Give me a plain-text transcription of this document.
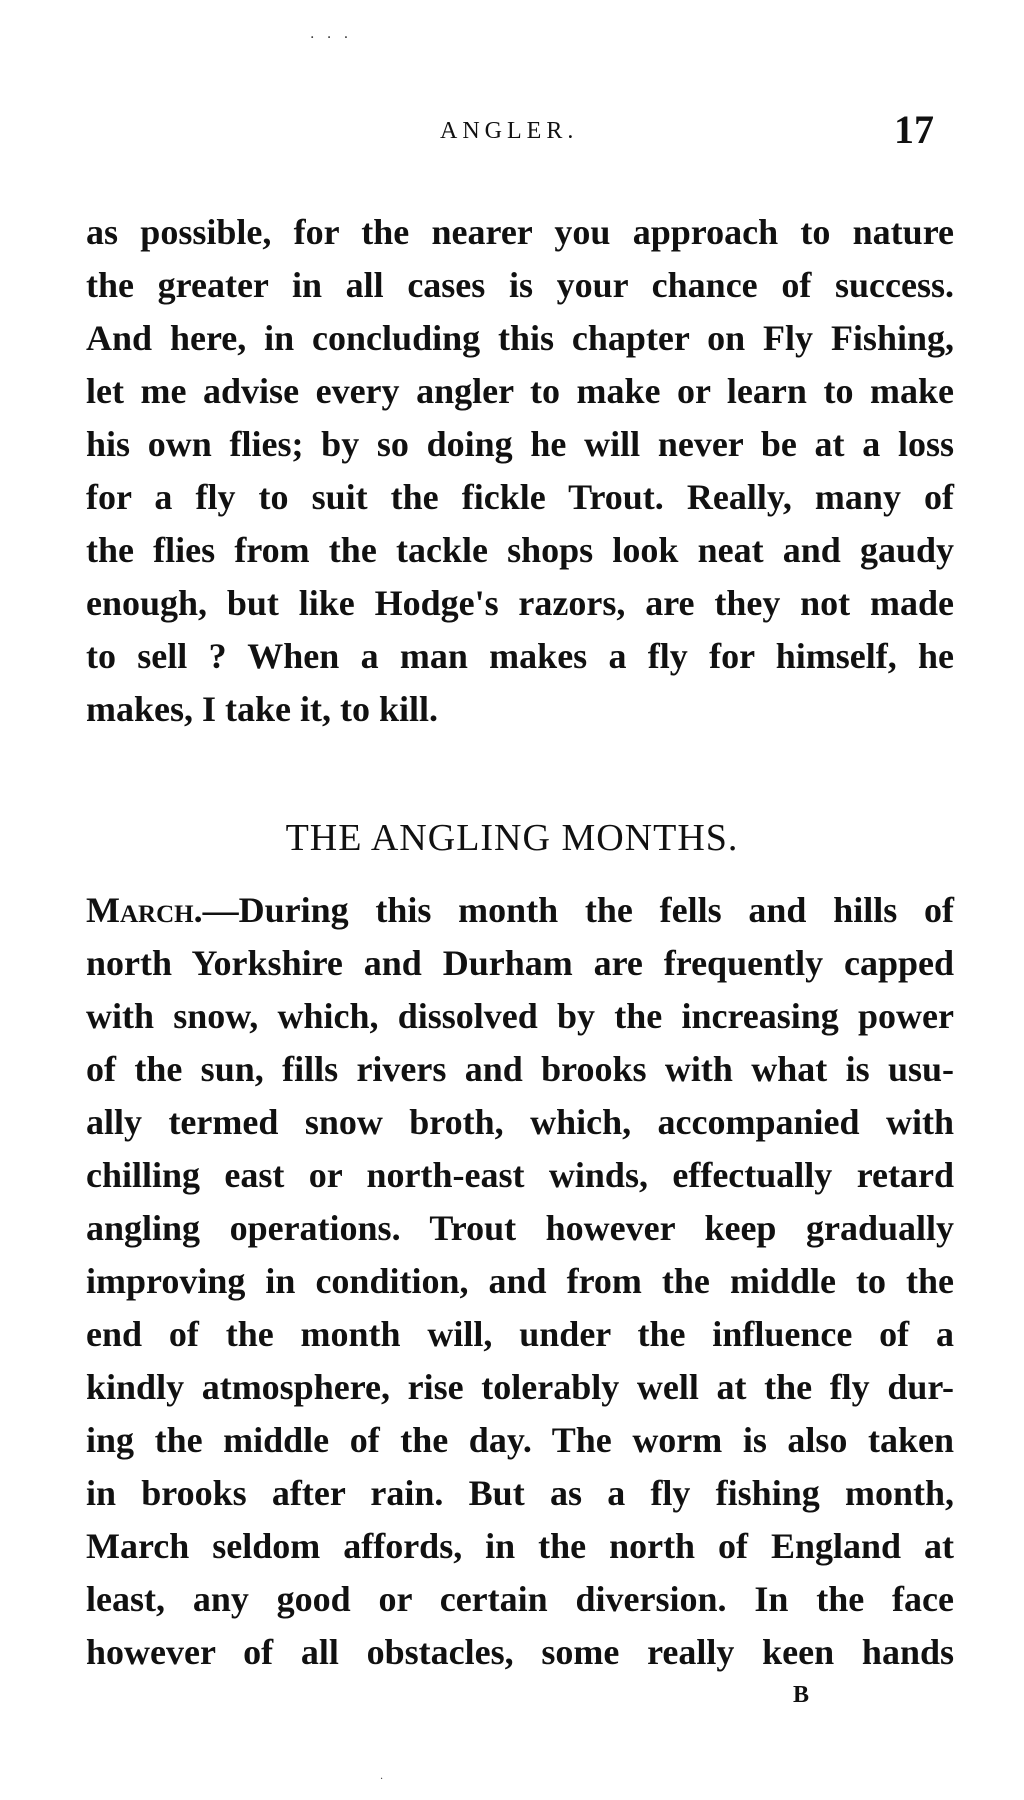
· · ·
ANGLER.	17
as possible, for the nearer you approach to nature
the greater in all cases is your chance of success.
And here, in concluding this chapter on Fly Fishing,
let me advise every angler to make or learn to make
his own flies; by so doing he will never be at a loss
for a fly to suit the fickle Trout. Really, many of
the flies from the tackle shops look neat and gaudy
enough, but like Hodge's razors, are they not made
to sell ? When a man makes a fly for himself, he
makes, I take it, to kill.
THE ANGLING MONTHS.
March.—During this month the fells and hills of
north Yorkshire and Durham are frequently capped
with snow, which, dissolved by the increasing power
of the sun, fills rivers and brooks with what is usu-
ally termed snow broth, which, accompanied with
chilling east or north-east winds, effectually retard
angling operations. Trout however keep gradually
improving in condition, and from the middle to the
end of the month will, under the influence of a
kindly atmosphere, rise tolerably well at the fly dur-
ing the middle of the day. The worm is also taken
in brooks after rain. But as a fly fishing month,
March seldom affords, in the north of England at
least, any good or certain diversion. In the face
however of all obstacles, some really keen hands
B
·
